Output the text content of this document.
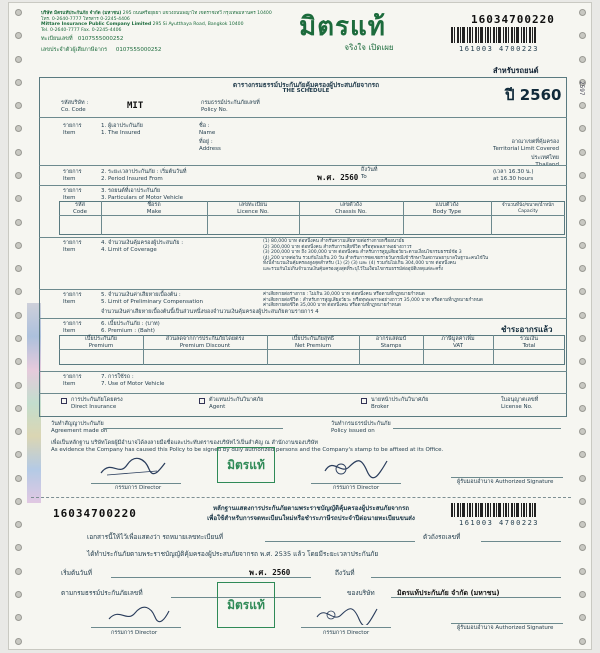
บริษัท มิตรแท้ประกันภัย จำกัด (มหาชน) 295 ถนนศรีอยุธยา แขวงถนนพญาไท เขตราชเทวี กรุงเทพมหานคร 10400
โทร. 0-2640-7777 โทรสาร 0-2245-4406
Mittare Insurance Public Company Limited 295 Si Ayutthaya Road, Bangkok 10400
Tel. 0-2640-7777 Fax. 0-2245-4406
ทะเบียนเลขที่ 0107555000252
เลขประจำตัวผู้เสียภาษีอากร 0107555000252
มิตรแท้
จริงใจ เปิดเผย
16034700220
161003 4700223
สำหรับรถยนต์
ตารางกรมธรรม์ประกันภัยคุ้มครองผู้ประสบภัยจากรถ
THE SCHEDULE	ปี 2560
รหัสบริษัท :
Co. Code	MIT	กรมธรรม์ประกันภัยเลขที่
Policy No.
รายการ
Item
1. ผู้เอาประกันภัย
1. The Insured
ชื่อ :
Name
ที่อยู่ :
Address
อาณาเขตที่คุ้มครอง
Territorial Limit Covered
ประเทศไทย
Thailand
รายการ
Item
2. ระยะเวลาประกันภัย : เริ่มต้นวันที่
2. Period Insured From	พ.ศ. 2560
ถึงวันที่
To
(เวลา 16.30 น.)
at 16.30 hours
รายการ
Item
3. รถยนต์ที่เอาประกันภัย
3. Particulars of Motor Vehicle
รหัส
Code
ชื่อรถ
Make
เลขทะเบียน
Licence No.
เลขตัวถัง
Chassis No.
แบบตัวถัง
Body Type
จำนวนที่นั่ง/ขนาด/น้ำหนัก
Capacity
รายการ
Item
4. จำนวนเงินคุ้มครองผู้ประสบภัย :
4. Limit of Coverage
(1) 80,000 บาท ต่อหนึ่งคน สำหรับความเสียหายต่อร่างกายหรืออนามัย
(2) 300,000 บาท ต่อหนึ่งคน สำหรับการเสียชีวิต หรือทุพพลภาพอย่างถาวร
(3) 200,000 บาท ถึง 300,000 บาท ต่อหนึ่งคน สำหรับการสูญเสียอวัยวะตามเงื่อนไขกรมธรรม์ข้อ 3
(4) 200 บาทต่อวัน รวมกันไม่เกิน 20 วัน สำหรับการชดเชยรายวันกรณีเข้ารักษาในสถานพยาบาลในฐานะคนไข้ใน
ทั้งนี้จำนวนเงินคุ้มครองสูงสุดสำหรับ (1) (2) (3) และ (4) รวมกันไม่เกิน 304,000 บาท ต่อหนึ่งคน
และรวมกันไม่เกินจำนวนเงินคุ้มครองสูงสุดที่ระบุไว้ในเงื่อนไขกรมธรรม์ต่ออุบัติเหตุแต่ละครั้ง
รายการ
Item
5. จำนวนเงินค่าเสียหายเบื้องต้น :
5. Limit of Preliminary Compensation
ค่าเสียหายต่อร่างกาย : ไม่เกิน 30,000 บาท ต่อหนึ่งคน หรือตามที่กฎหมายกำหนด
ค่าเสียหายต่อชีวิต : สำหรับการสูญเสียอวัยวะ หรือทุพพลภาพอย่างถาวร 35,000 บาท หรือตามที่กฎหมายกำหนด
ค่าเสียหายต่อชีวิต 35,000 บาท ต่อหนึ่งคน หรือตามที่กฎหมายกำหนด
จำนวนเงินค่าเสียหายเบื้องต้นนี้เป็นส่วนหนึ่งของจำนวนเงินคุ้มครองผู้ประสบภัยตามรายการ 4
รายการ
Item
6. เบี้ยประกันภัย : (บาท)
6. Premium : (Baht)	ชำระอากรแล้ว
เบี้ยประกันภัย
Premium
ส่วนลดจากการประกันภัยโดยตรง
Premium Discount
เบี้ยประกันภัยสุทธิ
Net Premium
อากรแสตมป์
Stamps
ภาษีมูลค่าเพิ่ม
VAT
รวมเงิน
Total
รายการ
Item
7. การใช้รถ :
7. Use of Motor Vehicle
การประกันภัยโดยตรง
Direct Insurance
ตัวแทนประกันวินาศภัย
Agent
นายหน้าประกันวินาศภัย
Broker
ใบอนุญาตเลขที่
License No.
วันทำสัญญาประกันภัย
Agreement made on
วันทำกรมธรรม์ประกันภัย
Policy issued on
เพื่อเป็นหลักฐาน บริษัทโดยผู้มีอำนาจได้ลงลายมือชื่อและประทับตราของบริษัทไว้เป็นสำคัญ ณ สำนักงานของบริษัท
As evidence the Company has caused this Policy to be signed by duly authorized persons and the Company's stamp to be affixed at its Office.
มิตรแท้
กรรมการ Director	กรรมการ Director
ผู้รับมอบอำนาจ Authorized Signature
16034700220	หลักฐานแสดงการประกันภัยตามพระราชบัญญัติคุ้มครองผู้ประสบภัยจากรถ
เพื่อใช้สำหรับการจดทะเบียนใหม่หรือชำระภาษีรถประจำปีต่อนายทะเบียนขนส่ง
161003 4700223
เอกสารนี้ให้ไว้เพื่อแสดงว่า รถหมายเลขทะเบียนที่	ตัวถังรถเลขที่
ได้ทำประกันภัยตามพระราชบัญญัติคุ้มครองผู้ประสบภัยจากรถ พ.ศ. 2535 แล้ว โดยมีระยะเวลาประกันภัย
เริ่มต้นวันที่	พ.ศ. 2560	ถึงวันที่
ตามกรมธรรม์ประกันภัยเลขที่	ของบริษัท	มิตรแท้ประกันภัย จำกัด (มหาชน)
มิตรแท้
กรรมการ Director	กรรมการ Director
ผู้รับมอบอำนาจ Authorized Signature
2597
